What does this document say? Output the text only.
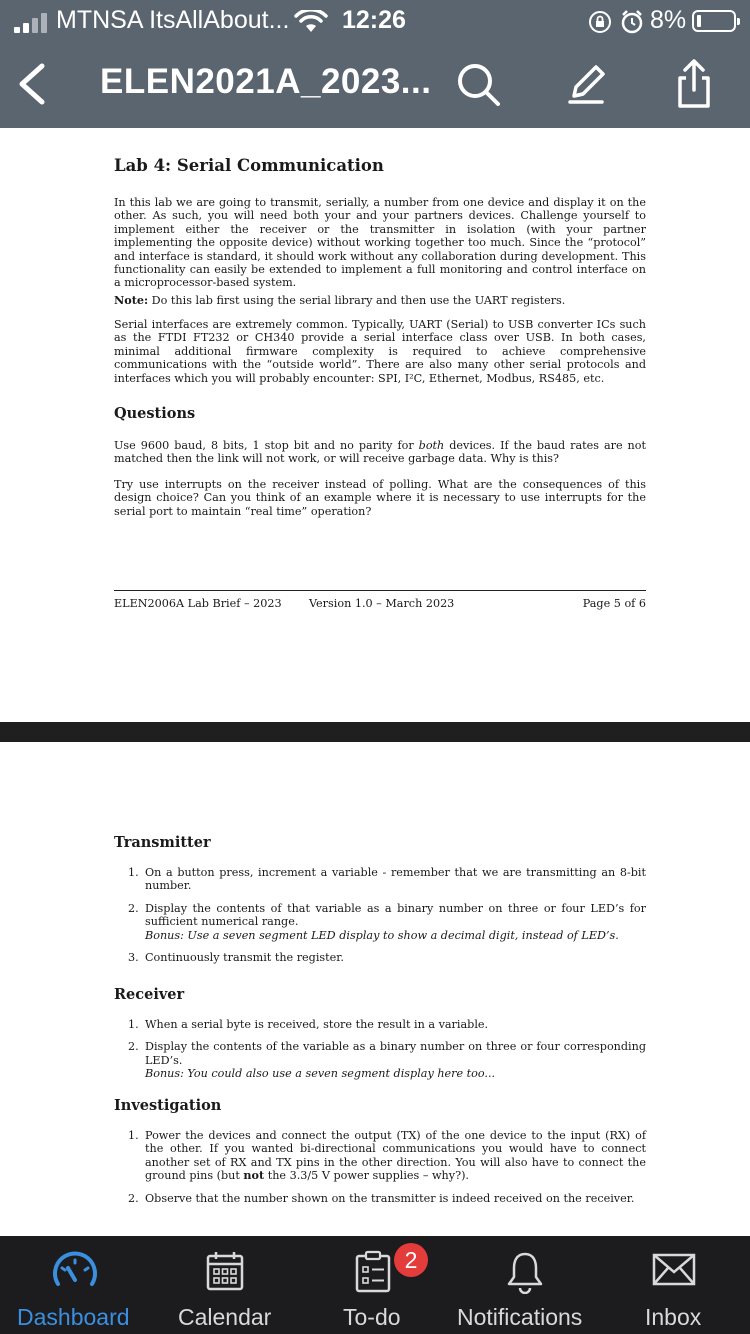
MTNSA ItsAllAbout... 12:26	8%
ELEN2021A_2023...
Lab 4: Serial Communication
In this lab we are going to transmit, serially, a number from one device and display it on the other. As such, you will need both your and your partners devices. Challenge yourself to implement either the receiver or the transmitter in isolation (with your partner implementing the opposite device) without working together too much. Since the “protocol” and interface is standard, it should work without any collaboration during development. This functionality can easily be extended to implement a full monitoring and control interface on a microprocessor-based system.
Note: Do this lab first using the serial library and then use the UART registers.
Serial interfaces are extremely common. Typically, UART (Serial) to USB converter ICs such as the FTDI FT232 or CH340 provide a serial interface class over USB. In both cases, minimal additional firmware complexity is required to achieve comprehensive communications with the “outside world”. There are also many other serial protocols and interfaces which you will probably encounter: SPI, I²C, Ethernet, Modbus, RS485, etc.
Questions
Use 9600 baud, 8 bits, 1 stop bit and no parity for both devices. If the baud rates are not matched then the link will not work, or will receive garbage data. Why is this?
Try use interrupts on the receiver instead of polling. What are the consequences of this design choice? Can you think of an example where it is necessary to use interrupts for the serial port to maintain “real time” operation?
ELEN2006A Lab Brief – 2023 Version 1.0 – March 2023	Page 5 of 6
Transmitter
1. On a button press, increment a variable - remember that we are transmitting an 8-bit number.
2. Display the contents of that variable as a binary number on three or four LED’s for sufficient numerical range.
Bonus: Use a seven segment LED display to show a decimal digit, instead of LED’s.
3. Continuously transmit the register.
Receiver
1. When a serial byte is received, store the result in a variable.
2. Display the contents of the variable as a binary number on three or four corresponding LED’s.
Bonus: You could also use a seven segment display here too...
Investigation
1. Power the devices and connect the output (TX) of the one device to the input (RX) of the other. If you wanted bi-directional communications you would have to connect another set of RX and TX pins in the other direction. You will also have to connect the ground pins (but not the 3.3/5 V power supplies – why?).
2. Observe that the number shown on the transmitter is indeed received on the receiver.
Dashboard Calendar	To-do
2
Notifications	Inbox
